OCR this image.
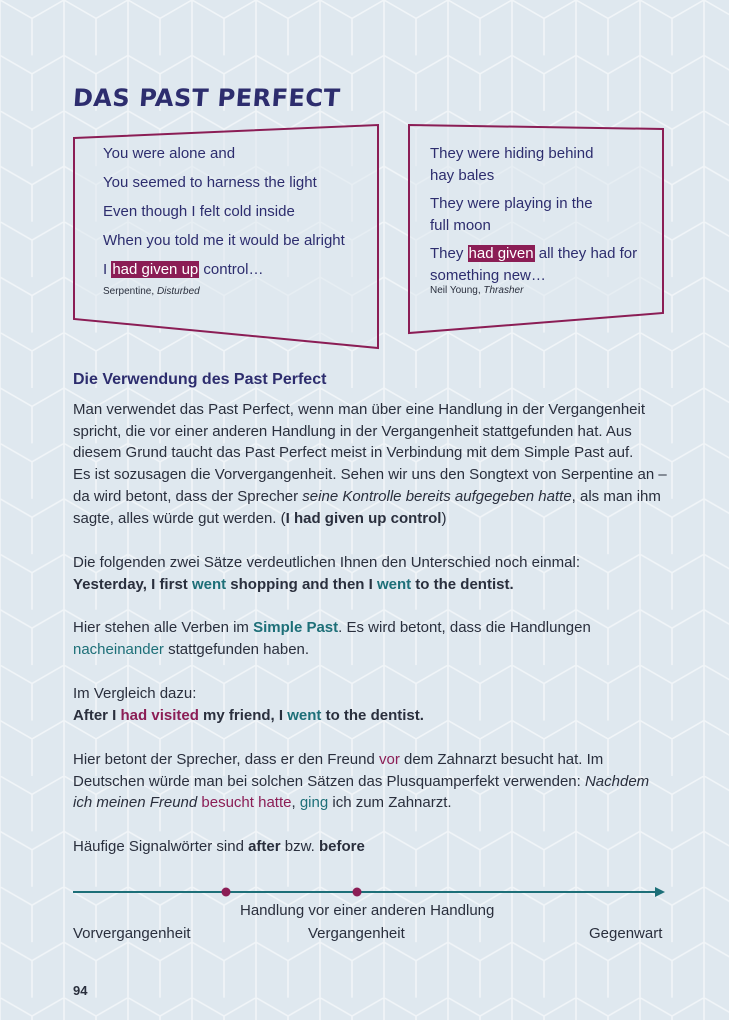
DAS PAST PERFECT
You were alone and
You seemed to harness the light
Even though I felt cold inside
When you told me it would be alright
I had given up control…
Serpentine, Disturbed
They were hiding behind
hay bales
They were playing in the
full moon
They had given all they had for
something new…
Neil Young, Thrasher
Die Verwendung des Past Perfect
Man verwendet das Past Perfect, wenn man über eine Handlung in der Vergangenheit
spricht, die vor einer anderen Handlung in der Vergangenheit stattgefunden hat. Aus
diesem Grund taucht das Past Perfect meist in Verbindung mit dem Simple Past auf.
Es ist sozusagen die Vorvergangenheit. Sehen wir uns den Songtext von Serpentine an –
da wird betont, dass der Sprecher seine Kontrolle bereits aufgegeben hatte, als man ihm
sagte, alles würde gut werden. (I had given up control)
Die folgenden zwei Sätze verdeutlichen Ihnen den Unterschied noch einmal:
Yesterday, I first went shopping and then I went to the dentist.
Hier stehen alle Verben im Simple Past. Es wird betont, dass die Handlungen
nacheinander stattgefunden haben.
Im Vergleich dazu:
After I had visited my friend, I went to the dentist.
Hier betont der Sprecher, dass er den Freund vor dem Zahnarzt besucht hat. Im
Deutschen würde man bei solchen Sätzen das Plusquamperfekt verwenden: Nachdem
ich meinen Freund besucht hatte, ging ich zum Zahnarzt.
Häufige Signalwörter sind after bzw. before
Handlung vor einer anderen Handlung
Vorvergangenheit	Vergangenheit	Gegenwart
94
